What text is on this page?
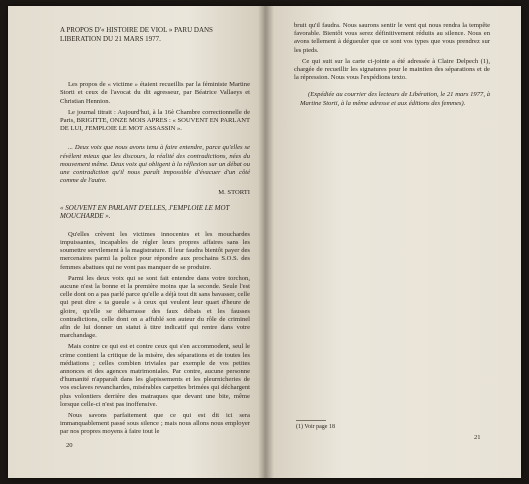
A PROPOS D'« HISTOIRE DE VIOL » PARU DANS LIBERATION DU 21 MARS 1977.

Les propos de « victime » étaient recueillis par la féministe Martine Storti et ceux de l'avocat du dit agresseur, par Béatrice Vallaeys et Christian Hennion.

Le journal titrait : Aujourd'hui, à la 16è Chambre correctionnelle de Paris, BRIGITTE, ONZE MOIS APRES : « SOUVENT EN PARLANT DE LUI, J'EMPLOIE LE MOT ASSASSIN ».

... Deux voix que nous avons tenu à faire entendre, parce qu'elles se révèlent mieux que les discours, la réalité des contradictions, nées du mouvement même. Deux voix qui obligent à la réflexion sur un débat ou une contradiction qu'il nous paraît impossible d'évacuer d'un côté comme de l'autre.

M. STORTI

« SOUVENT EN PARLANT D'ELLES, J'EMPLOIE LE MOT MOUCHARDE ».

Qu'elles crèvent les victimes innocentes et les mouchardes impuissantes, incapables de régler leurs propres affaires sans les soumettre servilement à la magistrature. Il leur faudra bientôt payer des mercenaires parmi la police pour répondre aux prochains S.O.S. des femmes abattues qui ne vont pas manquer de se produire.

Parmi les deux voix qui se sont fait entendre dans votre torchon, aucune n'est la bonne et la première moins que la seconde. Seule l'est celle dont on a pas parlé parce qu'elle a déjà tout dit sans bavasser, celle qui peut dire « ta gueule » à ceux qui veulent leur quart d'heure de gloire, qu'elle se débarrasse des faux débats et les fausses contradictions, celle dont on a affublé son auteur du rôle de criminel afin de lui donner un statut à titre indicatif qui rentre dans votre marchandage.

Mais contre ce qui est et contre ceux qui s'en accommodent, seul le crime contient la critique de la misère, des séparations et de toutes les médiations ; celles combien triviales par exemple de vos petites annonces et des agences matrimoniales. Par contre, aucune personne d'humanité n'apparaît dans les glapissements et les pleurnicheries de vos esclaves revanchardes, misérables carpettes brimées qui déchargent plus volontiers derrière des matraques que devant une bite, même lorsque celle-ci n'est pas inoffensive.

Nous savons parfaitement que ce qui est dit ici sera immanquablement passé sous silence ; mais nous allons nous employer par nos propres moyens à faire tout le

20

bruit qu'il faudra. Nous saurons sentir le vent qui nous rendra la tempête favorable. Bientôt vous serez définitivement réduits au silence. Nous en avons tellement à dégueuler que ce sont vos types que vous prendrez sur les pieds.

Ce qui suit sur la carte ci-jointe a été adressée à Claire Delpech (1), chargée de recueillir les signatures pour le maintien des séparations et de la répression. Nous vous l'expédions texto.

(Expédiée au courrier des lecteurs de Libération, le 21 mars 1977, à Martine Storti, à la même adresse et aux éditions des femmes).

(1) Voir page 18
21
